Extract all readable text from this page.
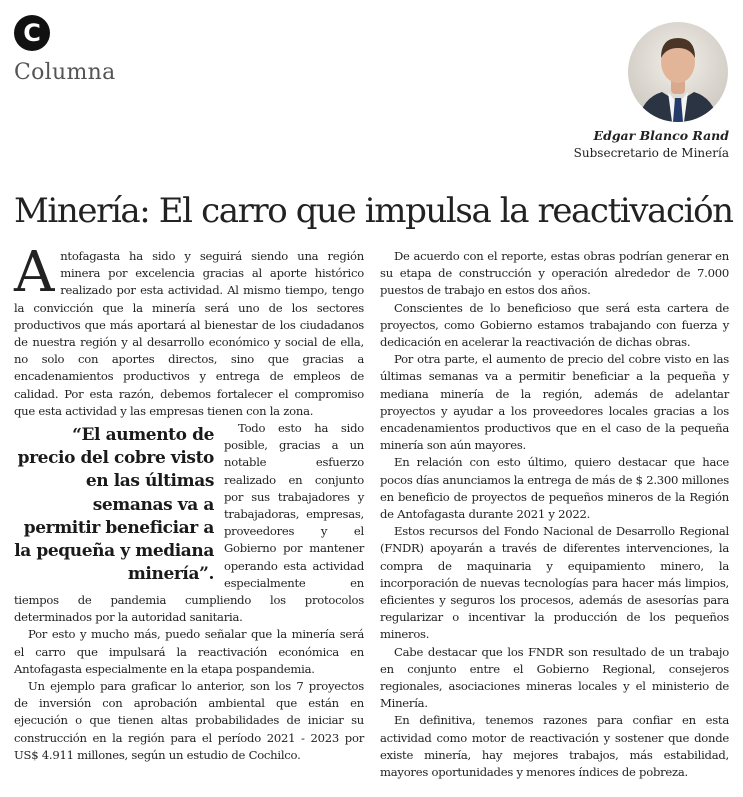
C
Columna
Edgar Blanco Rand
Subsecretario de Minería
Minería: El carro que impulsa la reactivación

Antofagasta ha sido y seguirá siendo una región minera por excelencia gracias al aporte histórico realizado por esta actividad. Al mismo tiempo, tengo la convicción que la minería será uno de los sectores productivos que más aportará al bienestar de los ciudadanos de nuestra región y al desarrollo económico y social de ella, no solo con aportes directos, sino que gracias a encadenamientos productivos y entrega de empleos de calidad. Por esta razón, debemos fortalecer el compromiso que esta actividad y las empresas tienen con la zona.

“El aumento de precio del cobre visto en las últimas semanas va a permitir beneficiar a la pequeña y mediana minería”.

Todo esto ha sido posible, gracias a un notable esfuerzo realizado en conjunto por sus trabajadores y trabajadoras, empresas, proveedores y el Gobierno por mantener operando esta actividad especialmente en tiempos de pandemia cumpliendo los protocolos determinados por la autoridad sanitaria.

Por esto y mucho más, puedo señalar que la minería será el carro que impulsará la reactivación económica en Antofagasta especialmente en la etapa pospandemia.

Un ejemplo para graficar lo anterior, son los 7 proyectos de inversión con aprobación ambiental que están en ejecución o que tienen altas probabilidades de iniciar su construcción en la región para el período 2021 - 2023 por US$ 4.911 millones, según un estudio de Cochilco.

De acuerdo con el reporte, estas obras podrían generar en su etapa de construcción y operación alrededor de 7.000 puestos de trabajo en estos dos años.

Conscientes de lo beneficioso que será esta cartera de proyectos, como Gobierno estamos trabajando con fuerza y dedicación en acelerar la reactivación de dichas obras.

Por otra parte, el aumento de precio del cobre visto en las últimas semanas va a permitir beneficiar a la pequeña y mediana minería de la región, además de adelantar proyectos y ayudar a los proveedores locales gracias a los encadenamientos productivos que en el caso de la pequeña minería son aún mayores.

En relación con esto último, quiero destacar que hace pocos días anunciamos la entrega de más de $ 2.300 millones en beneficio de proyectos de pequeños mineros de la Región de Antofagasta durante 2021 y 2022.

Estos recursos del Fondo Nacional de Desarrollo Regional (FNDR) apoyarán a través de diferentes intervenciones, la compra de maquinaria y equipamiento minero, la incorporación de nuevas tecnologías para hacer más limpios, eficientes y seguros los procesos, además de asesorías para regularizar o incentivar la producción de los pequeños mineros.

Cabe destacar que los FNDR son resultado de un trabajo en conjunto entre el Gobierno Regional, consejeros regionales, asociaciones mineras locales y el ministerio de Minería.

En definitiva, tenemos razones para confiar en esta actividad como motor de reactivación y sostener que donde existe minería, hay mejores trabajos, más estabilidad, mayores oportunidades y menores índices de pobreza.
